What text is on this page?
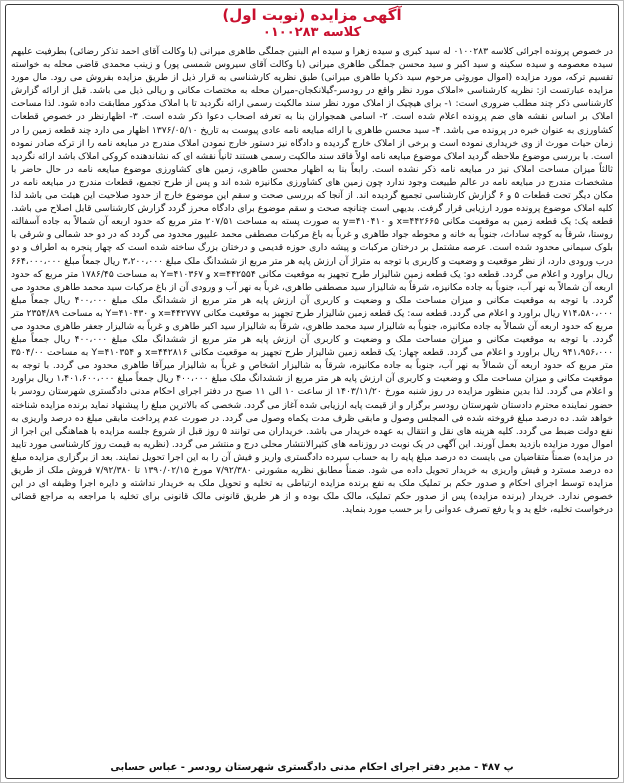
آگهی مزایده (نوبت اول)
کلاسه ۰۱۰۰۲۸۳
در خصوص پرونده اجرائی کلاسه ۰۱۰۰۲۸۳ له سید کبری و سیده زهرا و سیده ام البنین جملگی طاهری میرانی (با وکالت آقای احمد تذکر رضائی) بطرفیت علیهم سیده معصومه و سیده سکینه و سید اکبر و سید محسن جملگی طاهری میرانی (با وکالت آقای سیروس شمسی پور) و زینب محمدی قاضی محله به خواسته تقسیم ترکه، مورد مزایده (اموال موروثی مرحوم سید ذکریا طاهری میرانی) طبق نظریه کارشناسی به قرار ذیل از طریق مزایده بفروش می رود. مال مورد مزایده عبارتست از: نظریه کارشناسی «املاک مورد نظر واقع در رودسر-گیلانکجان-میران محله به مختصات مکانی و ریالی ذیل می باشد. قبل از ارائه گزارش کارشناسی ذکر چند مطلب ضروری است: ۱- برای هیچیک از املاک مورد نظر سند مالکیت رسمی ارائه نگردید تا با املاک مذکور مطابقت داده شود. لذا مساحت املاک بر اساس نقشه های ضم پرونده اعلام شده است. ۲- اسامی همجواران بنا به تعرفه اصحاب دعوا ذکر شده است. ۳- اظهارنظر در خصوص قطعات کشاورزی به عنوان خبره در پرونده می باشد. ۴- سید محسن طاهری با ارائه مبایعه نامه عادی پیوست به تاریخ ۱۳۷۶/۰۵/۱۰ اظهار می دارد چند قطعه زمین را در زمان حیات مورث از وی خریداری نموده است و برخی از املاک خارج گردیده و دادگاه نیز دستور خارج نمودن املاک مندرج در مبایعه نامه را از ترکه صادر نموده است. با بررسی موضوع ملاحظه گردید املاک موضوع مبایعه نامه اولاً فاقد سند مالکیت رسمی هستند ثانیاً نقشه ای که نشاندهنده کروکی املاک باشد ارائه نگردید ثالثاً میزان مساحت املاک نیز در مبایعه نامه ذکر نشده است. رابعاً بنا به اظهار محسن طاهری، زمین های کشاورزی موضوع مبایعه نامه در حال حاضر با مشخصات مندرج در مبایعه نامه در عالم طبیعت وجود ندارد چون زمین های کشاورزی مکانیزه شده اند و پس از طرح تجمیع، قطعات مندرج در مبایعه نامه در مکان دیگر تحت قطعات ۵ و ۶ گزارش کارشناسی تجمیع گردیده اند. از آنجا که بررسی صحت و سقم این موضوع خارج از حدود صلاحیت این هیئت می باشد لذا کلیه املاک موضوع پرونده مورد ارزیابی قرار گرفت. بدیهی است چنانچه صحت و سقم موضوع برای دادگاه محرز گردد گزارش کارشناسی قابل اصلاح می باشد. قطعه یک: یک قطعه زمین به موقعیت مکانی x=۴۴۲۶۶۵ و y=۴۱۰۴۱۰ به صورت پسته به مساحت ۲۰۷/۵۱ متر مربع که حدود اربعه آن شمالاً به جاده آسفالته روستا، شرقاً به کوچه ساداث، جنوباً به خانه و محوطه جواد طاهری و غرباً به باغ مرکبات مصطفی محمد علیپور محدود می گردد که در دو حد شمالی و شرقی با بلوک سیمانی محدود شده است. عرصه مشتمل بر درختان مرکبات و پیشه داری حوزه قدیمی و درختان بزرگ ساخته شده است که چهار پنجره به اطراف و دو درب ورودی دارد، از نظر موقعیت و وضعیت و کاربری با توجه به متراژ آن ارزش پایه هر متر مربع از ششدانگ ملک مبلغ ۳،۲۰۰،۰۰۰ ریال جمعاً مبلغ ۶۶۴،۰۰۰،۰۰۰ ریال براورد و اعلام می گردد. قطعه دو: یک قطعه زمین شالیزار طرح تجهیز به موقعیت مکانی x=۴۴۲۵۵۴ و Y=۴۱۰۳۶۷ به مساحت ۱۷۸۶/۴۵ متر مربع که حدود اربعه آن شمالاً به نهر آب، جنوباً به جاده مکانیزه، شرقاً به شالیزار سید مصطفی طاهری، غرباً به نهر آب و ورودی آن از باغ مرکبات سید محمد طاهری محدود می گردد. با توجه به موقعیت مکانی و میزان مساحت ملک و وضعیت و کاربری آن ارزش پایه هر متر مربع از ششدانگ ملک مبلغ ۴۰۰،۰۰۰ ریال جمعاً مبلغ ۷۱۴،۵۸۰،۰۰۰ ریال براورد و اعلام می گردد. قطعه سه: یک قطعه زمین شالیزار طرح تجهیز به موقعیت مکانی x=۴۴۲۷۷۷ و Y=۴۱۰۴۳۰ به مساحت ۲۳۵۴/۸۹ متر مربع که حدود اربعه آن شمالاً به جاده مکانیزه، جنوباً به شالیزار سید محمد طاهری، شرقاً به شالیزار سید اکبر طاهری و غرباً به شالیزار جعفر طاهری محدود می گردد. با توجه به موقعیت مکانی و میزان مساحت ملک و وضعیت و کاربری آن ارزش پایه هر متر مربع از ششدانگ ملک مبلغ ۴۰۰،۰۰۰ ریال جمعاً مبلغ ۹۴۱،۹۵۶،۰۰۰ ریال براورد و اعلام می گردد. قطعه چهار: یک قطعه زمین شالیزار طرح تجهیز به موقعیت مکانی x=۴۴۲۸۱۶ و Y=۴۱۰۳۵۴ به مساحت ۳۵۰۴/۰۰ متر مربع که حدود اربعه آن شمالاً به نهر آب، جنوباً به جاده مکانیزه، شرقاً به شالیزار اشخاص و غرباً به شالیزار میرآقا طاهری محدود می گردد. با توجه به موقعیت مکانی و میزان مساحت ملک و وضعیت و کاربری آن ارزش پایه هر متر مربع از ششدانگ ملک مبلغ ۴۰۰،۰۰۰ ریال جمعاً مبلغ ۱،۴۰۱،۶۰۰،۰۰۰ ریال براورد و اعلام می گردد. لذا بدین منظور مزایده در روز شنبه مورخ ۱۴۰۳/۱۱/۲۰ از ساعت ۱۰ الی ۱۱ صبح در دفتر اجرای احکام مدنی دادگستری شهرستان رودسر با حضور نماینده محترم دادستان شهرستان رودسر برگزار و از قیمت پایه ارزیابی شده آغاز می گردد. شخصی که بالاترین مبلغ را پیشنهاد نماید برنده مزایده شناخته خواهد شد. ده درصد مبلغ فروخته شده فی المجلس وصول و مابقی ظرف مدت یکماه وصول می گردد. در صورت عدم پرداخت مابقی مبلغ ده درصد واریزی به نفع دولت ضبط می گردد. کلیه هزینه های نقل و انتقال به عهده خریدار می باشد. خریداران می توانند ۵ روز قبل از شروع جلسه مزایده با هماهنگی این اجرا از اموال مورد مزایده بازدید بعمل آورند. این آگهی در یک نوبت در روزنامه های کثیرالانتشار محلی درج و منتشر می گردد. (نظریه به قیمت روز کارشناسی مورد تایید در مزایده) ضمناً متقاضیان می بایست ده درصد مبلغ پایه را به حساب سپرده دادگستری واریز و فیش آن را به این اجرا تحویل نمایند. بعد از برگزاری مزایده مبلغ ده درصد مسترد و فیش واریزی به خریدار تحویل داده می شود. ضمناً مطابق نظریه مشورتی ۷/۹۲/۳۸۰ مورخ ۱۳۹۰/۰۲/۱۵ تا ۷/۹۲/۳۸۰ فروش ملک از طریق مزایده توسط اجرای احکام و صدور حکم بر تملیک ملک به نفع برنده مزایده ارتباطی به تخلیه و تحویل ملک به خریدار نداشته و دایره اجرا وظیفه ای در این خصوص ندارد. خریدار (برنده مزایده) پس از صدور حکم تملیک، مالک ملک بوده و از هر طریق قانونی مالک قانونی برای تخلیه با مراجعه به مراجع قضائی درخواست تخلیه، خلع ید و یا رفع تصرف عدوانی را بر حسب مورد بنماید.
پ ۴۸۷ - مدیر دفتر اجرای احکام مدنی دادگستری شهرستان رودسر - عباس حسابی
